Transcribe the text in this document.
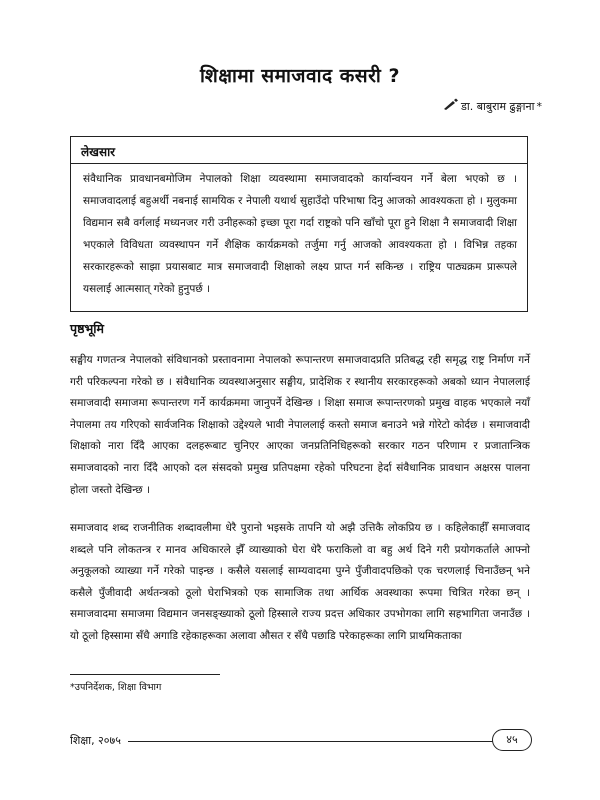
शिक्षामा समाजवाद कसरी ?
डा. बाबुराम ढुङ्गाना *
लेखसार
संवैधानिक प्रावधानबमोजिम नेपालको शिक्षा व्यवस्थामा समाजवादको कार्यान्वयन गर्ने बेला भएको छ । समाजवादलाई बहुअर्थी नबनाई सामयिक र नेपाली यथार्थ सुहाउँदो परिभाषा दिनु आजको आवश्यकता हो । मुलुकमा विद्यमान सबै वर्गलाई मध्यनजर गरी उनीहरूको इच्छा पूरा गर्दा राष्ट्रको पनि खाँचो पूरा हुने शिक्षा नै समाजवादी शिक्षा भएकाले विविधता व्यवस्थापन गर्ने शैक्षिक कार्यक्रमको तर्जुमा गर्नु आजको आवश्यकता हो । विभिन्न तहका सरकारहरूको साझा प्रयासबाट मात्र समाजवादी शिक्षाको लक्ष्य प्राप्त गर्न सकिन्छ । राष्ट्रिय पाठ्यक्रम प्रारूपले यसलाई आत्मसात् गरेको हुनुपर्छ ।
पृष्ठभूमि
सङ्घीय गणतन्त्र नेपालको संविधानको प्रस्तावनामा नेपालको रूपान्तरण समाजवादप्रति प्रतिबद्ध रही समृद्ध राष्ट्र निर्माण गर्ने गरी परिकल्पना गरेको छ । संवैधानिक व्यवस्थाअनुसार सङ्घीय, प्रादेशिक र स्थानीय सरकारहरूको अबको ध्यान नेपाललाई समाजवादी समाजमा रूपान्तरण गर्ने कार्यक्रममा जानुपर्ने देखिन्छ । शिक्षा समाज रूपान्तरणको प्रमुख वाहक भएकाले नयाँ नेपालमा तय गरिएको सार्वजनिक शिक्षाको उद्देश्यले भावी नेपाललाई कस्तो समाज बनाउने भन्ने गोरेटो कोर्दछ । समाजवादी शिक्षाको नारा दिँदै आएका दलहरूबाट चुनिएर आएका जनप्रतिनिधिहरूको सरकार गठन परिणाम र प्रजातान्त्रिक समाजवादको नारा दिँदै आएको दल संसदको प्रमुख प्रतिपक्षमा रहेको परिघटना हेर्दा संवैधानिक प्रावधान अक्षरस पालना होला जस्तो देखिन्छ ।
समाजवाद शब्द राजनीतिक शब्दावलीमा धेरै पुरानो भइसके तापनि यो अझै उत्तिकै लोकप्रिय छ । कहिलेकाहीँ समाजवाद शब्दले पनि लोकतन्त्र र मानव अधिकारले झैँ व्याख्याको घेरा धेरै फराकिलो वा बहु अर्थ दिने गरी प्रयोगकर्ताले आफ्नो अनुकूलको व्याख्या गर्ने गरेको पाइन्छ । कसैले यसलाई साम्यवादमा पुग्ने पुँजीवादपछिको एक चरणलाई चिनाउँछन् भने कसैले पुँजीवादी अर्थतन्त्रको ठूलो घेराभित्रको एक सामाजिक तथा आर्थिक अवस्थाका रूपमा चित्रित गरेका छन् । समाजवादमा समाजमा विद्यमान जनसङ्ख्याको ठूलो हिस्साले राज्य प्रदत्त अधिकार उपभोगका लागि सहभागिता जनाउँछ । यो ठूलो हिस्सामा सँधै अगाडि रहेकाहरूका अलावा औसत र सँधै पछाडि परेकाहरूका लागि प्राथमिकताका
*उपनिर्देशक, शिक्षा विभाग
शिक्षा, २०७५	४५
